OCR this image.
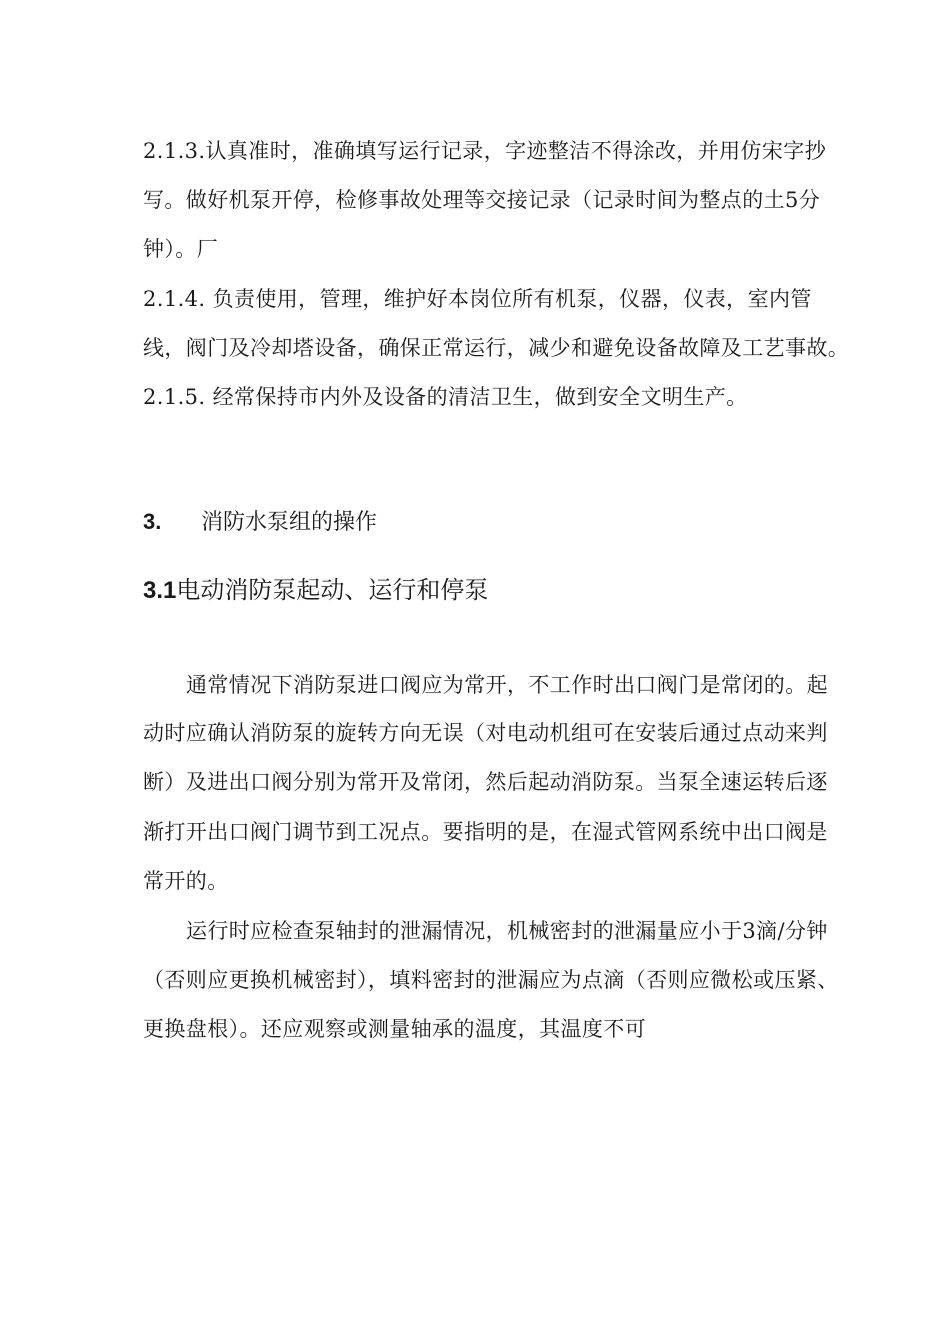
2.1.3.认真准时，准确填写运行记录，字迹整洁不得涂改，并用仿宋字抄
写。做好机泵开停，检修事故处理等交接记录（记录时间为整点的土5分
钟）。厂
2.1.4. 负责使用，管理，维护好本岗位所有机泵，仪器，仪表，室内管
线，阀门及冷却塔设备，确保正常运行，减少和避免设备故障及工艺事故。
2.1.5. 经常保持市内外及设备的清洁卫生，做到安全文明生产。
3. 消防水泵组的操作
3.1电动消防泵起动、运行和停泵
通常情况下消防泵进口阀应为常开，不工作时出口阀门是常闭的。起
动时应确认消防泵的旋转方向无误（对电动机组可在安装后通过点动来判
断）及进出口阀分别为常开及常闭，然后起动消防泵。当泵全速运转后逐
渐打开出口阀门调节到工况点。要指明的是，在湿式管网系统中出口阀是
常开的。
运行时应检查泵轴封的泄漏情况，机械密封的泄漏量应小于3滴/分钟
（否则应更换机械密封），填料密封的泄漏应为点滴（否则应微松或压紧、
更换盘根）。还应观察或测量轴承的温度，其温度不可
